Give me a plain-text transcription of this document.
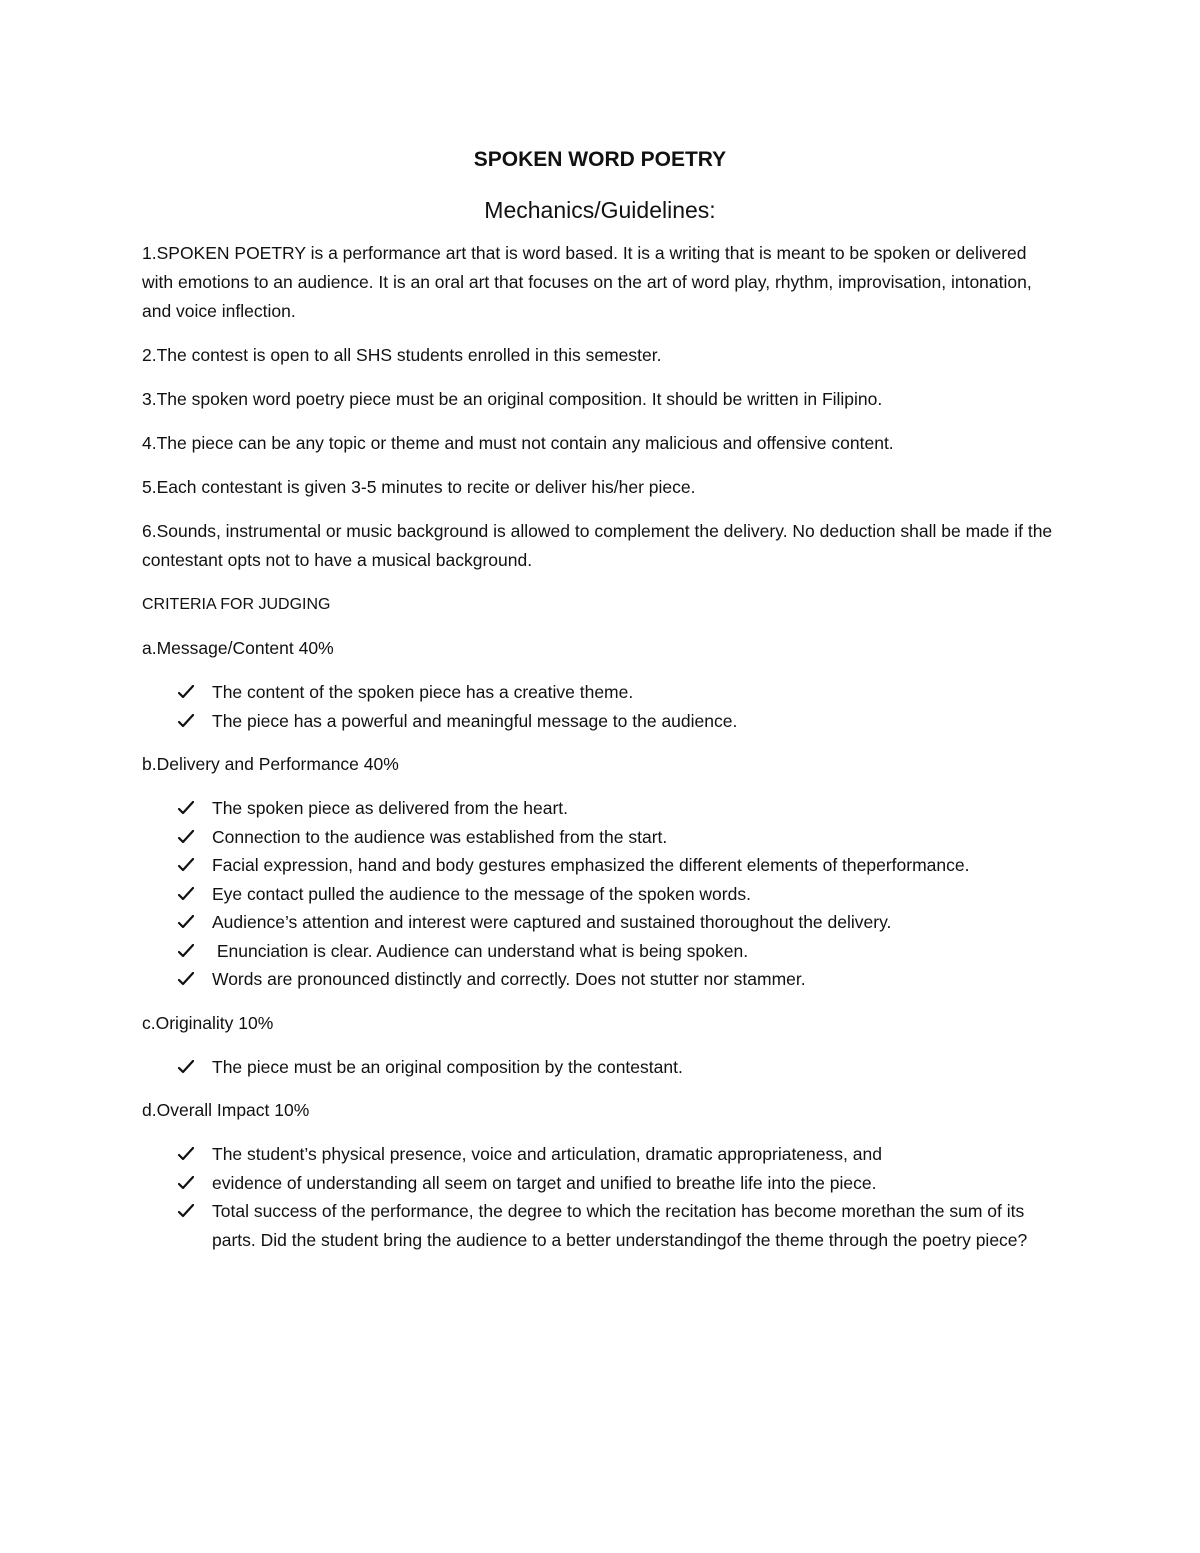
SPOKEN WORD POETRY
Mechanics/Guidelines:

1.SPOKEN POETRY is a performance art that is word based. It is a writing that is meant to be spoken or delivered with emotions to an audience. It is an oral art that focuses on the art of word play, rhythm, improvisation, intonation, and voice inflection.

2.The contest is open to all SHS students enrolled in this semester.

3.The spoken word poetry piece must be an original composition. It should be written in Filipino.

4.The piece can be any topic or theme and must not contain any malicious and offensive content.

5.Each contestant is given 3-5 minutes to recite or deliver his/her piece.

6.Sounds, instrumental or music background is allowed to complement the delivery. No deduction shall be made if the contestant opts not to have a musical background.

CRITERIA FOR JUDGING

a.Message/Content 40%

The content of the spoken piece has a creative theme.
The piece has a powerful and meaningful message to the audience.

b.Delivery and Performance 40%

The spoken piece as delivered from the heart.
Connection to the audience was established from the start.
Facial expression, hand and body gestures emphasized the different elements of theperformance.
Eye contact pulled the audience to the message of the spoken words.
Audience’s attention and interest were captured and sustained thoroughout the delivery.
Enunciation is clear. Audience can understand what is being spoken.
Words are pronounced distinctly and correctly. Does not stutter nor stammer.

c.Originality 10%

The piece must be an original composition by the contestant.

d.Overall Impact 10%

The student’s physical presence, voice and articulation, dramatic appropriateness, and
evidence of understanding all seem on target and unified to breathe life into the piece.
Total success of the performance, the degree to which the recitation has become morethan the sum of its parts. Did the student bring the audience to a better understandingof the theme through the poetry piece?
